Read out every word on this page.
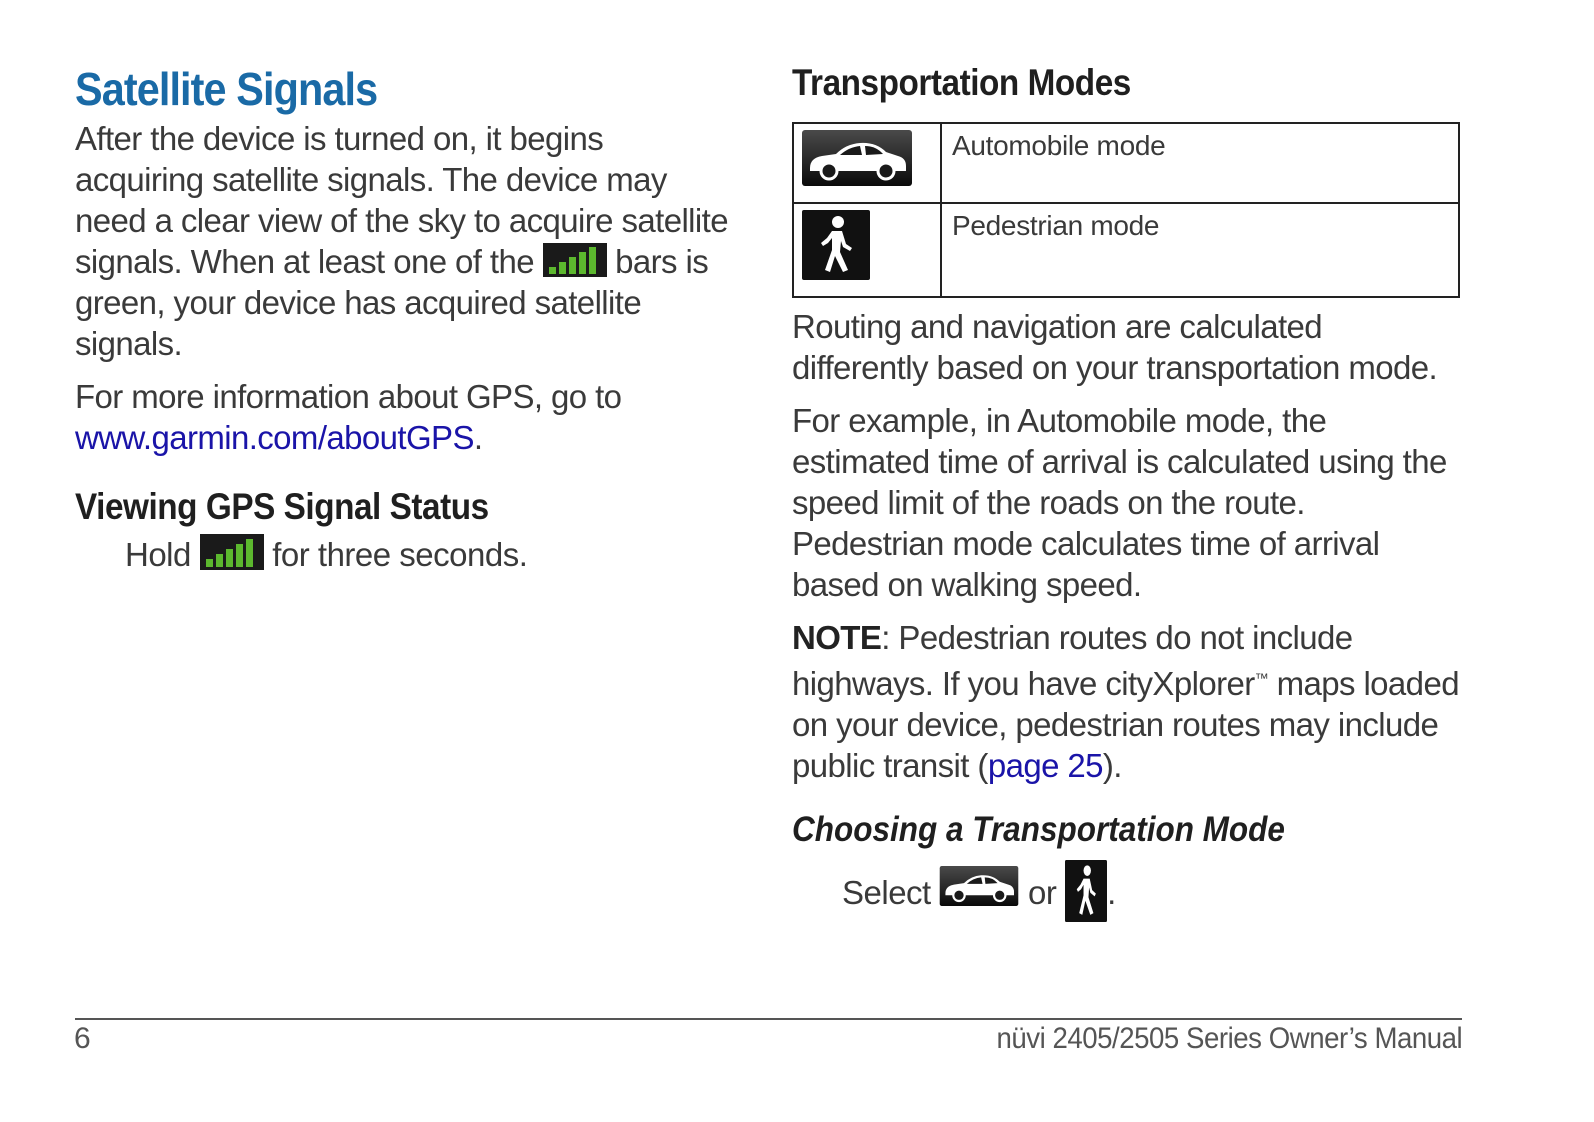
Satellite Signals

After the device is turned on, it begins acquiring satellite signals. The device may need a clear view of the sky to acquire satellite signals. When at least one of the  bars is green, your device has acquired satellite signals.

For more information about GPS, go to www.garmin.com/aboutGPS.

Viewing GPS Signal Status

Hold  for three seconds.

Transportation Modes
	Automobile mode
	Pedestrian mode

Routing and navigation are calculated differently based on your transportation mode.

For example, in Automobile mode, the estimated time of arrival is calculated using the speed limit of the roads on the route. Pedestrian mode calculates time of arrival based on walking speed.

NOTE: Pedestrian routes do not include highways. If you have cityXplorer™ maps loaded on your device, pedestrian routes may include public transit (page 25).

Choosing a Transportation Mode

Select  or .

6	nüvi 2405/2505 Series Owner’s Manual
